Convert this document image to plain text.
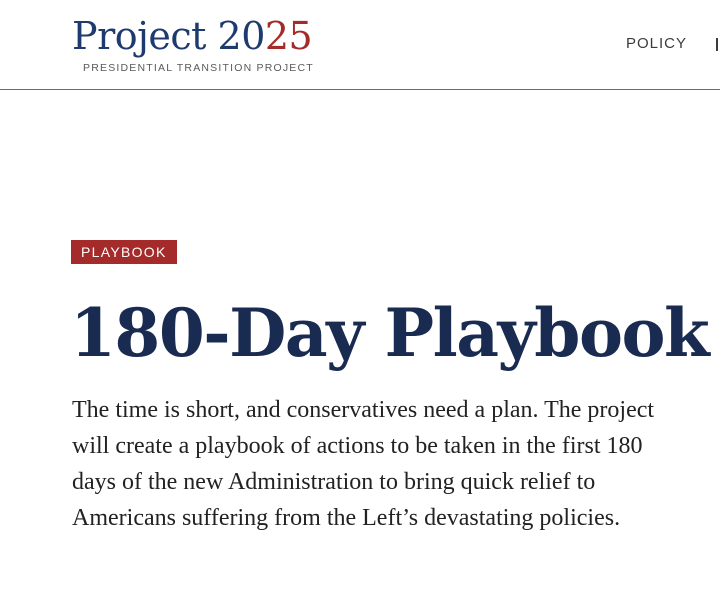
Project 2025
PRESIDENTIAL TRANSITION PROJECT
POLICY
PLAYBOOK
180-Day Playbook

The time is short, and conservatives need a plan. The project will create a playbook of actions to be taken in the first 180 days of the new Administration to bring quick relief to Americans suffering from the Left’s devastating policies.
